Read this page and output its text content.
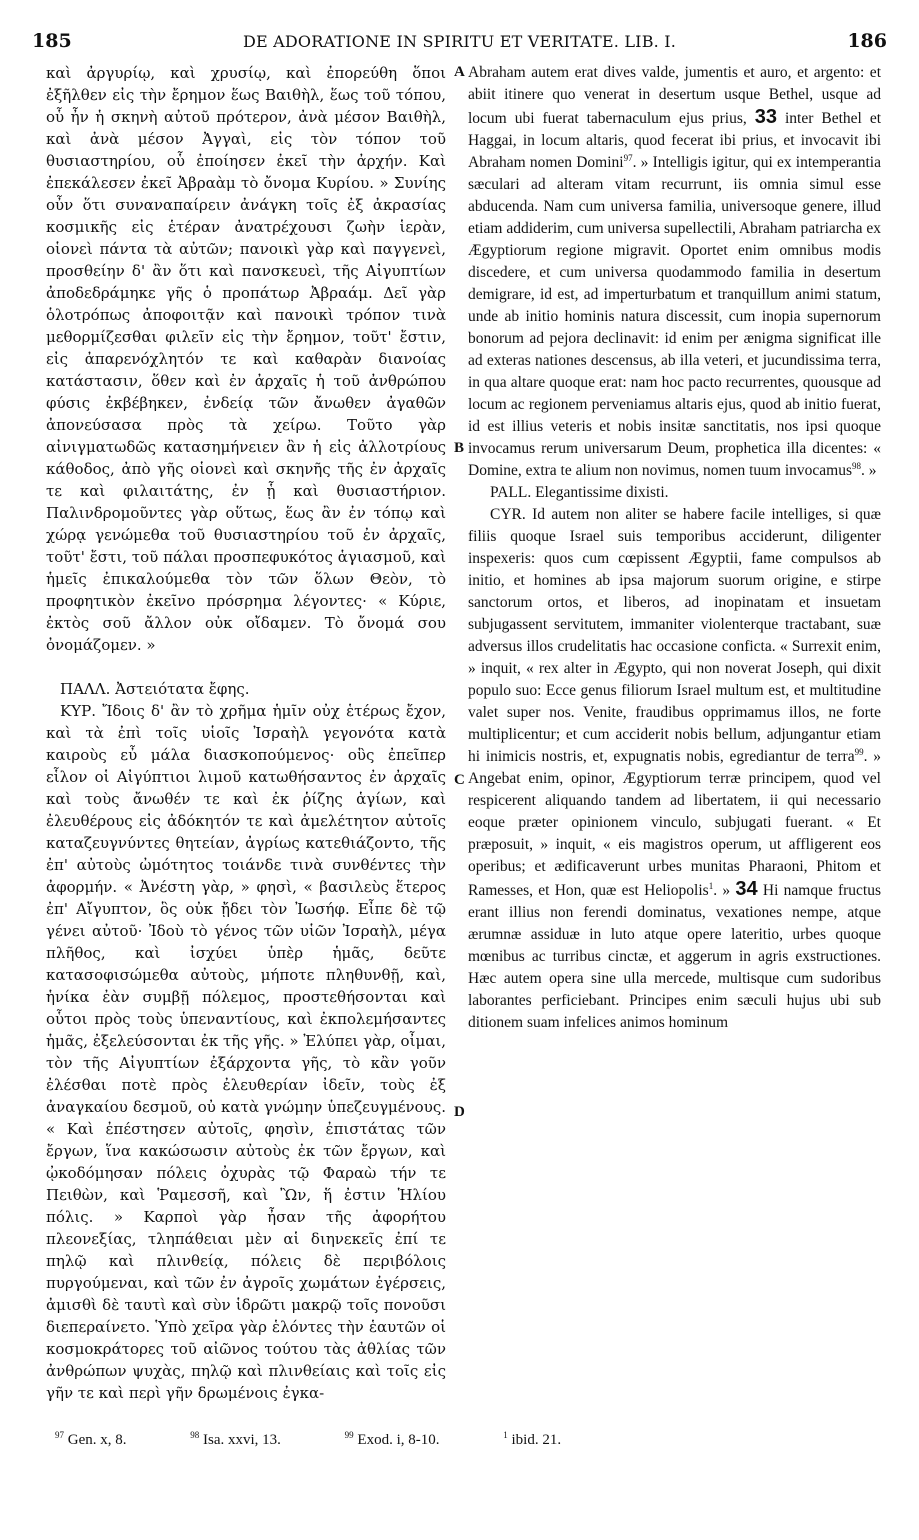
185	DE ADORATIONE IN SPIRITU ET VERITATE. LIB. I.	186
A
B
C
D

καὶ ἀργυρίῳ, καὶ χρυσίῳ, καὶ ἐπορεύθη ὅποι ἐξῆλθεν εἰς τὴν ἔρημον ἕως Βαιθὴλ, ἕως τοῦ τόπου, οὗ ἦν ἡ σκηνὴ αὐτοῦ πρότερον, ἀνὰ μέσον Βαιθὴλ, καὶ ἀνὰ μέσον Ἀγγαὶ, εἰς τὸν τόπον τοῦ θυσιαστηρίου, οὗ ἐποίησεν ἐκεῖ τὴν ἀρχήν. Καὶ ἐπεκάλεσεν ἐκεῖ Ἀβραὰμ τὸ ὄνομα Κυρίου. » Συνίης οὖν ὅτι συναναπαίρειν ἀνάγκη τοῖς ἐξ ἀκρασίας κοσμικῆς εἰς ἑτέραν ἀνατρέχουσι ζωὴν ἱερὰν, οἱονεὶ πάντα τὰ αὐτῶν; πανοικὶ γὰρ καὶ παγγενεὶ, προσθείην δ' ἂν ὅτι καὶ πανσκευεὶ, τῆς Αἰγυπτίων ἀποδεδράμηκε γῆς ὁ προπάτωρ Ἀβραάμ. Δεῖ γὰρ ὁλοτρόπως ἀποφοιτᾷν καὶ πανοικὶ τρόπον τινὰ μεθορμίζεσθαι φιλεῖν εἰς τὴν ἔρημον, τοῦτ' ἔστιν, εἰς ἀπαρενόχλητόν τε καὶ καθαρὰν διανοίας κατάστασιν, ὅθεν καὶ ἐν ἀρχαῖς ἡ τοῦ ἀνθρώπου φύσις ἐκβέβηκεν, ἐνδείᾳ τῶν ἄνωθεν ἀγαθῶν ἀπονεύσασα πρὸς τὰ χείρω. Τοῦτο γὰρ αἰνιγματωδῶς κατασημήνειεν ἂν ἡ εἰς ἀλλοτρίους κάθοδος, ἀπὸ γῆς οἱονεὶ καὶ σκηνῆς τῆς ἐν ἀρχαῖς τε καὶ φιλαιτάτης, ἐν ᾗ καὶ θυσιαστήριον. Παλινδρομοῦντες γὰρ οὕτως, ἕως ἂν ἐν τόπῳ καὶ χώρᾳ γενώμεθα τοῦ θυσιαστηρίου τοῦ ἐν ἀρχαῖς, τοῦτ' ἔστι, τοῦ πάλαι προσπεφυκότος ἁγιασμοῦ, καὶ ἡμεῖς ἐπικαλούμεθα τὸν τῶν ὅλων Θεὸν, τὸ προφητικὸν ἐκεῖνο πρόσρημα λέγοντες· « Κύριε, ἐκτὸς σοῦ ἄλλον οὐκ οἴδαμεν. Τὸ ὄνομά σου ὀνομάζομεν. »

ΠΑΛΛ. Ἀστειότατα ἔφης.

ΚΥΡ. Ἴδοις δ' ἂν τὸ χρῆμα ἡμῖν οὐχ ἑτέρως ἔχον, καὶ τὰ ἐπὶ τοῖς υἱοῖς Ἰσραὴλ γεγονότα κατὰ καιροὺς εὖ μάλα διασκοπούμενος· οὓς ἐπεῖπερ εἷλον οἱ Αἰγύπτιοι λιμοῦ κατωθήσαντος ἐν ἀρχαῖς καὶ τοὺς ἄνωθέν τε καὶ ἐκ ῥίζης ἁγίων, καὶ ἐλευθέρους εἰς ἀδόκητόν τε καὶ ἀμελέτητον αὐτοῖς καταζευγνύντες θητείαν, ἀγρίως κατεθιάζοντο, τῆς ἐπ' αὐτοὺς ὠμότητος τοιάνδε τινὰ συνθέντες τὴν ἀφορμήν. « Ἀνέστη γὰρ, » φησὶ, « βασιλεὺς ἕτερος ἐπ' Αἴγυπτον, ὃς οὐκ ᾔδει τὸν Ἰωσήφ. Εἶπε δὲ τῷ γένει αὐτοῦ· Ἰδοὺ τὸ γένος τῶν υἱῶν Ἰσραὴλ, μέγα πλῆθος, καὶ ἰσχύει ὑπὲρ ἡμᾶς, δεῦτε κατασοφισώμεθα αὐτοὺς, μήποτε πληθυνθῇ, καὶ, ἡνίκα ἐὰν συμβῇ πόλεμος, προστεθήσονται καὶ οὗτοι πρὸς τοὺς ὑπεναντίους, καὶ ἐκπολεμήσαντες ἡμᾶς, ἐξελεύσονται ἐκ τῆς γῆς. » Ἐλύπει γὰρ, οἶμαι, τὸν τῆς Αἰγυπτίων ἐξάρχοντα γῆς, τὸ κἂν γοῦν ἐλέσθαι ποτὲ πρὸς ἐλευθερίαν ἰδεῖν, τοὺς ἐξ ἀναγκαίου δεσμοῦ, οὐ κατὰ γνώμην ὑπεζευγμένους. « Καὶ ἐπέστησεν αὐτοῖς, φησὶν, ἐπιστάτας τῶν ἔργων, ἵνα κακώσωσιν αὐτοὺς ἐκ τῶν ἔργων, καὶ ᾠκοδόμησαν πόλεις ὀχυρὰς τῷ Φαραὼ τήν τε Πειθὼν, καὶ Ῥαμεσσῆ, καὶ Ὢν, ἥ ἐστιν Ἡλίου πόλις. » Καρποὶ γὰρ ἦσαν τῆς ἀφορήτου πλεονεξίας, τληπάθειαι μὲν αἱ διηνεκεῖς ἐπί τε πηλῷ καὶ πλινθείᾳ, πόλεις δὲ περιβόλοις πυργούμεναι, καὶ τῶν ἐν ἀγροῖς χωμάτων ἐγέρσεις, ἀμισθὶ δὲ ταυτὶ καὶ σὺν ἱδρῶτι μακρῷ τοῖς πονοῦσι διεπεραίνετο. Ὑπὸ χεῖρα γὰρ ἑλόντες τὴν ἑαυτῶν οἱ κοσμοκράτορες τοῦ αἰῶνος τούτου τὰς ἀθλίας τῶν ἀνθρώπων ψυχὰς, πηλῷ καὶ πλινθείαις καὶ τοῖς εἰς γῆν τε καὶ περὶ γῆν δρωμένοις ἐγκα-

Abraham autem erat dives valde, jumentis et auro, et argento: et abiit itinere quo venerat in desertum usque Bethel, usque ad locum ubi fuerat tabernaculum ejus prius, 33 inter Bethel et Haggai, in locum altaris, quod fecerat ibi prius, et invocavit ibi Abraham nomen Domini$^{97}$. » Intelligis igitur, qui ex intemperantia sæculari ad alteram vitam recurrunt, iis omnia simul esse abducenda. Nam cum universa familia, universoque genere, illud etiam addiderim, cum universa supellectili, Abraham patriarcha ex Ægyptiorum regione migravit. Oportet enim omnibus modis discedere, et cum universa quodammodo familia in desertum demigrare, id est, ad imperturbatum et tranquillum animi statum, unde ab initio hominis natura discessit, cum inopia supernorum bonorum ad pejora declinavit: id enim per ænigma significat ille ad exteras nationes descensus, ab illa veteri, et jucundissima terra, in qua altare quoque erat: nam hoc pacto recurrentes, quousque ad locum ac regionem perveniamus altaris ejus, quod ab initio fuerat, id est illius veteris et nobis insitæ sanctitatis, nos ipsi quoque invocamus rerum universarum Deum, prophetica illa dicentes: « Domine, extra te alium non novimus, nomen tuum invocamus$^{98}$. »

PALL. Elegantissime dixisti.

CYR. Id autem non aliter se habere facile intelliges, si quæ filiis quoque Israel suis temporibus acciderunt, diligenter inspexeris: quos cum cœpissent Ægyptii, fame compulsos ab initio, et homines ab ipsa majorum suorum origine, e stirpe sanctorum ortos, et liberos, ad inopinatam et insuetam subjugassent servitutem, immaniter violenterque tractabant, suæ adversus illos crudelitatis hac occasione conficta. « Surrexit enim, » inquit, « rex alter in Ægypto, qui non noverat Joseph, qui dixit populo suo: Ecce genus filiorum Israel multum est, et multitudine valet super nos. Venite, fraudibus opprimamus illos, ne forte multiplicentur; et cum acciderit nobis bellum, adjungantur etiam hi inimicis nostris, et, expugnatis nobis, egrediantur de terra$^{99}$. » Angebat enim, opinor, Ægyptiorum terræ principem, quod vel respicerent aliquando tandem ad libertatem, ii qui necessario eoque præter opinionem vinculo, subjugati fuerant. « Et præposuit, » inquit, « eis magistros operum, ut affligerent eos operibus; et ædificaverunt urbes munitas Pharaoni, Phitom et Ramesses, et Hon, quæ est Heliopolis$^1$. » 34 Hi namque fructus erant illius non ferendi dominatus, vexationes nempe, atque ærumnæ assiduæ in luto atque opere lateritio, urbes quoque mœnibus ac turribus cinctæ, et aggerum in agris exstructiones. Hæc autem opera sine ulla mercede, multisque cum sudoribus laborantes perficiebant. Principes enim sæculi hujus ubi sub ditionem suam infelices animos hominum

$^{97}$ Gen. x, 8.	$^{98}$ Isa. xxvi, 13.	$^{99}$ Exod. i, 8-10.	$^1$ ibid. 21.
